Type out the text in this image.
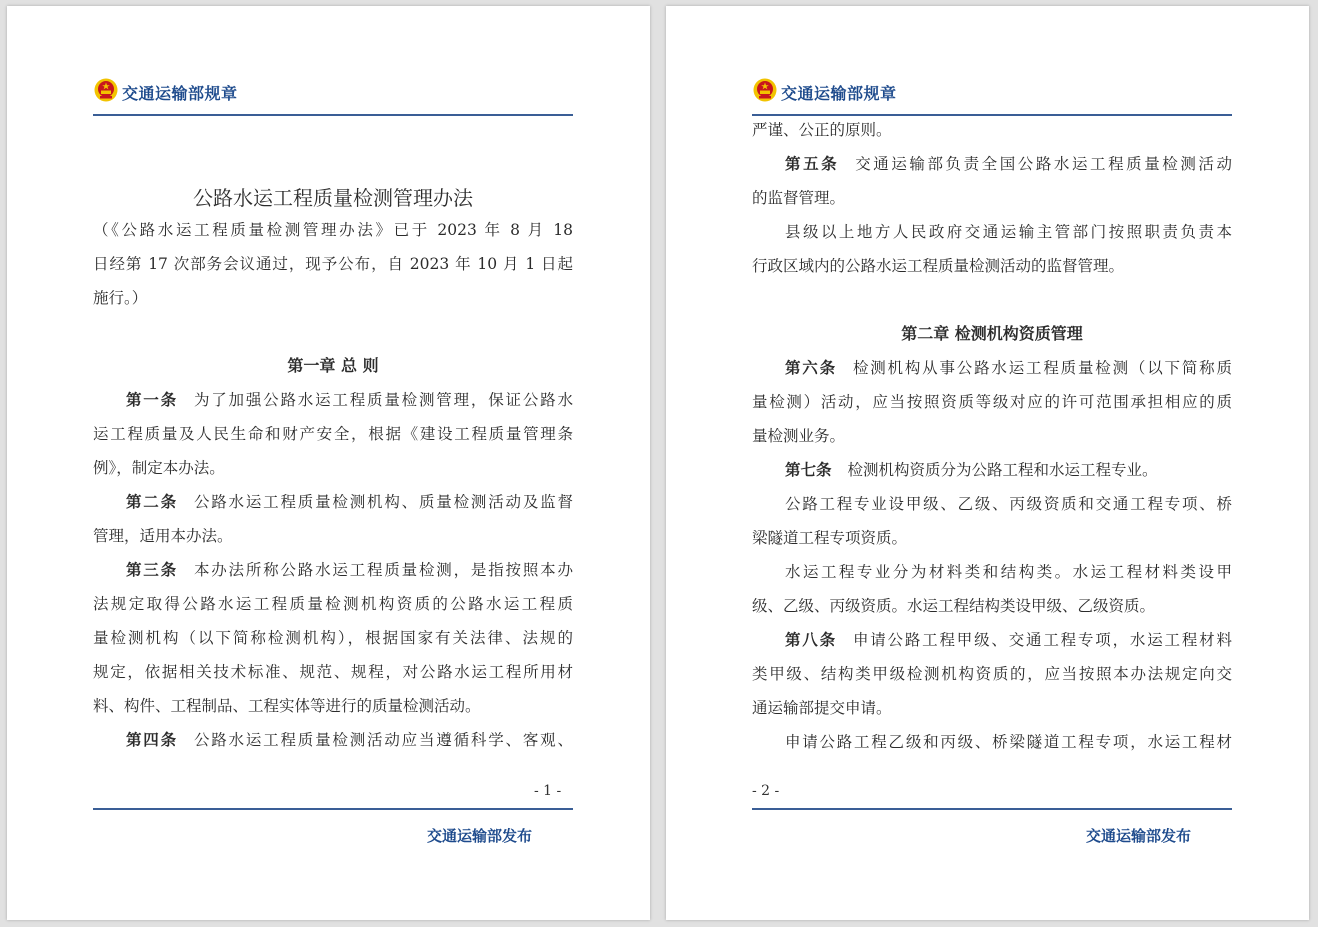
交通运输部规章
公路水运工程质量检测管理办法
（《公路水运工程质量检测管理办法》已于 2023 年 8 月 18
日经第 17 次部务会议通过，现予公布，自 2023 年 10 月 1 日起
施行。）
第一章 总 则
第一条 为了加强公路水运工程质量检测管理，保证公路水
运工程质量及人民生命和财产安全，根据《建设工程质量管理条
例》，制定本办法。
第二条 公路水运工程质量检测机构、质量检测活动及监督
管理，适用本办法。
第三条 本办法所称公路水运工程质量检测，是指按照本办
法规定取得公路水运工程质量检测机构资质的公路水运工程质
量检测机构（以下简称检测机构），根据国家有关法律、法规的
规定，依据相关技术标准、规范、规程，对公路水运工程所用材
料、构件、工程制品、工程实体等进行的质量检测活动。
第四条 公路水运工程质量检测活动应当遵循科学、客观、
- 1 -
交通运输部发布
交通运输部规章
严谨、公正的原则。
第五条 交通运输部负责全国公路水运工程质量检测活动
的监督管理。
县级以上地方人民政府交通运输主管部门按照职责负责本
行政区域内的公路水运工程质量检测活动的监督管理。
第二章 检测机构资质管理
第六条 检测机构从事公路水运工程质量检测（以下简称质
量检测）活动，应当按照资质等级对应的许可范围承担相应的质
量检测业务。
第七条 检测机构资质分为公路工程和水运工程专业。
公路工程专业设甲级、乙级、丙级资质和交通工程专项、桥
梁隧道工程专项资质。
水运工程专业分为材料类和结构类。水运工程材料类设甲
级、乙级、丙级资质。水运工程结构类设甲级、乙级资质。
第八条 申请公路工程甲级、交通工程专项，水运工程材料
类甲级、结构类甲级检测机构资质的，应当按照本办法规定向交
通运输部提交申请。
申请公路工程乙级和丙级、桥梁隧道工程专项，水运工程材
- 2 -
交通运输部发布
